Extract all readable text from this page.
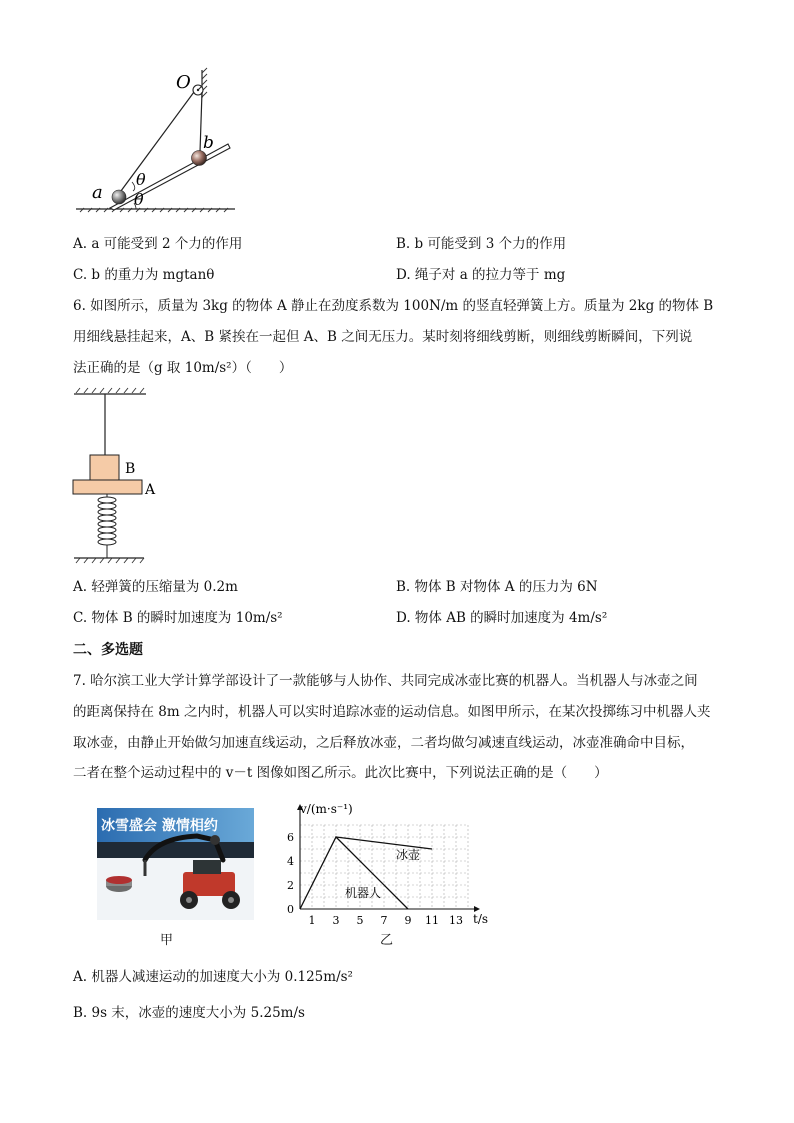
O
b
a
θ
θ
A. a 可能受到 2 个力的作用	B. b 可能受到 3 个力的作用
C. b 的重力为 mgtanθ	D. 绳子对 a 的拉力等于 mg
6. 如图所示，质量为 3kg 的物体 A 静止在劲度系数为 100N/m 的竖直轻弹簧上方。质量为 2kg 的物体 B
用细线悬挂起来，A、B 紧挨在一起但 A、B 之间无压力。某时刻将细线剪断，则细线剪断瞬间，下列说
法正确的是（g 取 10m/s²）（　　）
B
A
A. 轻弹簧的压缩量为 0.2m	B. 物体 B 对物体 A 的压力为 6N
C. 物体 B 的瞬时加速度为 10m/s²	D. 物体 AB 的瞬时加速度为 4m/s²
二、多选题
7. 哈尔滨工业大学计算学部设计了一款能够与人协作、共同完成冰壶比赛的机器人。当机器人与冰壶之间
的距离保持在 8m 之内时，机器人可以实时追踪冰壶的运动信息。如图甲所示，在某次投掷练习中机器人夹
取冰壶，由静止开始做匀加速直线运动，之后释放冰壶，二者均做匀减速直线运动，冰壶准确命中目标，
二者在整个运动过程中的 v－t 图像如图乙所示。此次比赛中，下列说法正确的是（　　）
冰雪盛会 激情相约
甲
1 3 5 7 9 11 13
0
2
4
6
v/(m·s⁻¹)
t/s
机器人
冰壶
乙
A. 机器人减速运动的加速度大小为 0.125m/s²
B. 9s 末，冰壶的速度大小为 5.25m/s
